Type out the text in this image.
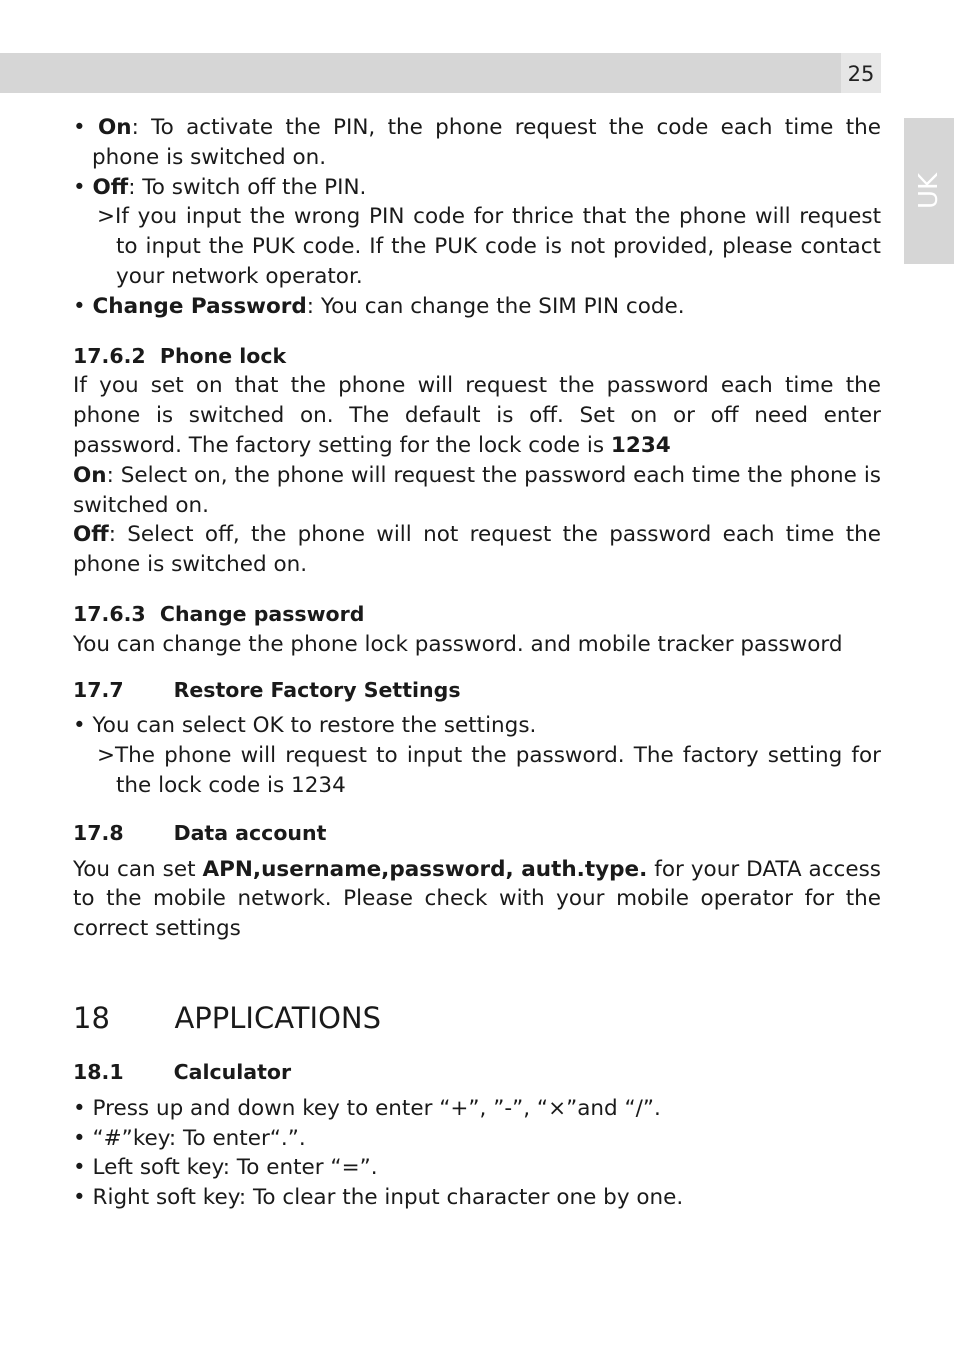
25
UK

• On: To activate the PIN, the phone request the code each time the phone is switched on.

• Off: To switch off the PIN.

>If you input the wrong PIN code for thrice that the phone will request to input the PUK code. If the PUK code is not provided, please contact your network operator.

• Change Password: You can change the SIM PIN code.

17.6.2 Phone lock

If you set on that the phone will request the password each time the phone is switched on. The default is off. Set on or off need enter password. The factory setting for the lock code is 1234

On: Select on, the phone will request the password each time the phone is switched on.

Off: Select off, the phone will not request the password each time the phone is switched on.

17.6.3 Change password

You can change the phone lock password. and mobile tracker password

17.7 Restore Factory Settings

• You can select OK to restore the settings.

>The phone will request to input the password. The factory setting for the lock code is 1234

17.8 Data account

You can set APN,username,password, auth.type. for your DATA access to the mobile network. Please check with your mobile operator for the correct settings

18 APPLICATIONS

18.1 Calculator

• Press up and down key to enter “+”, ”-”, “×”and “/”.

• “#”key: To enter“.”.

• Left soft key: To enter “=”.

• Right soft key: To clear the input character one by one.
